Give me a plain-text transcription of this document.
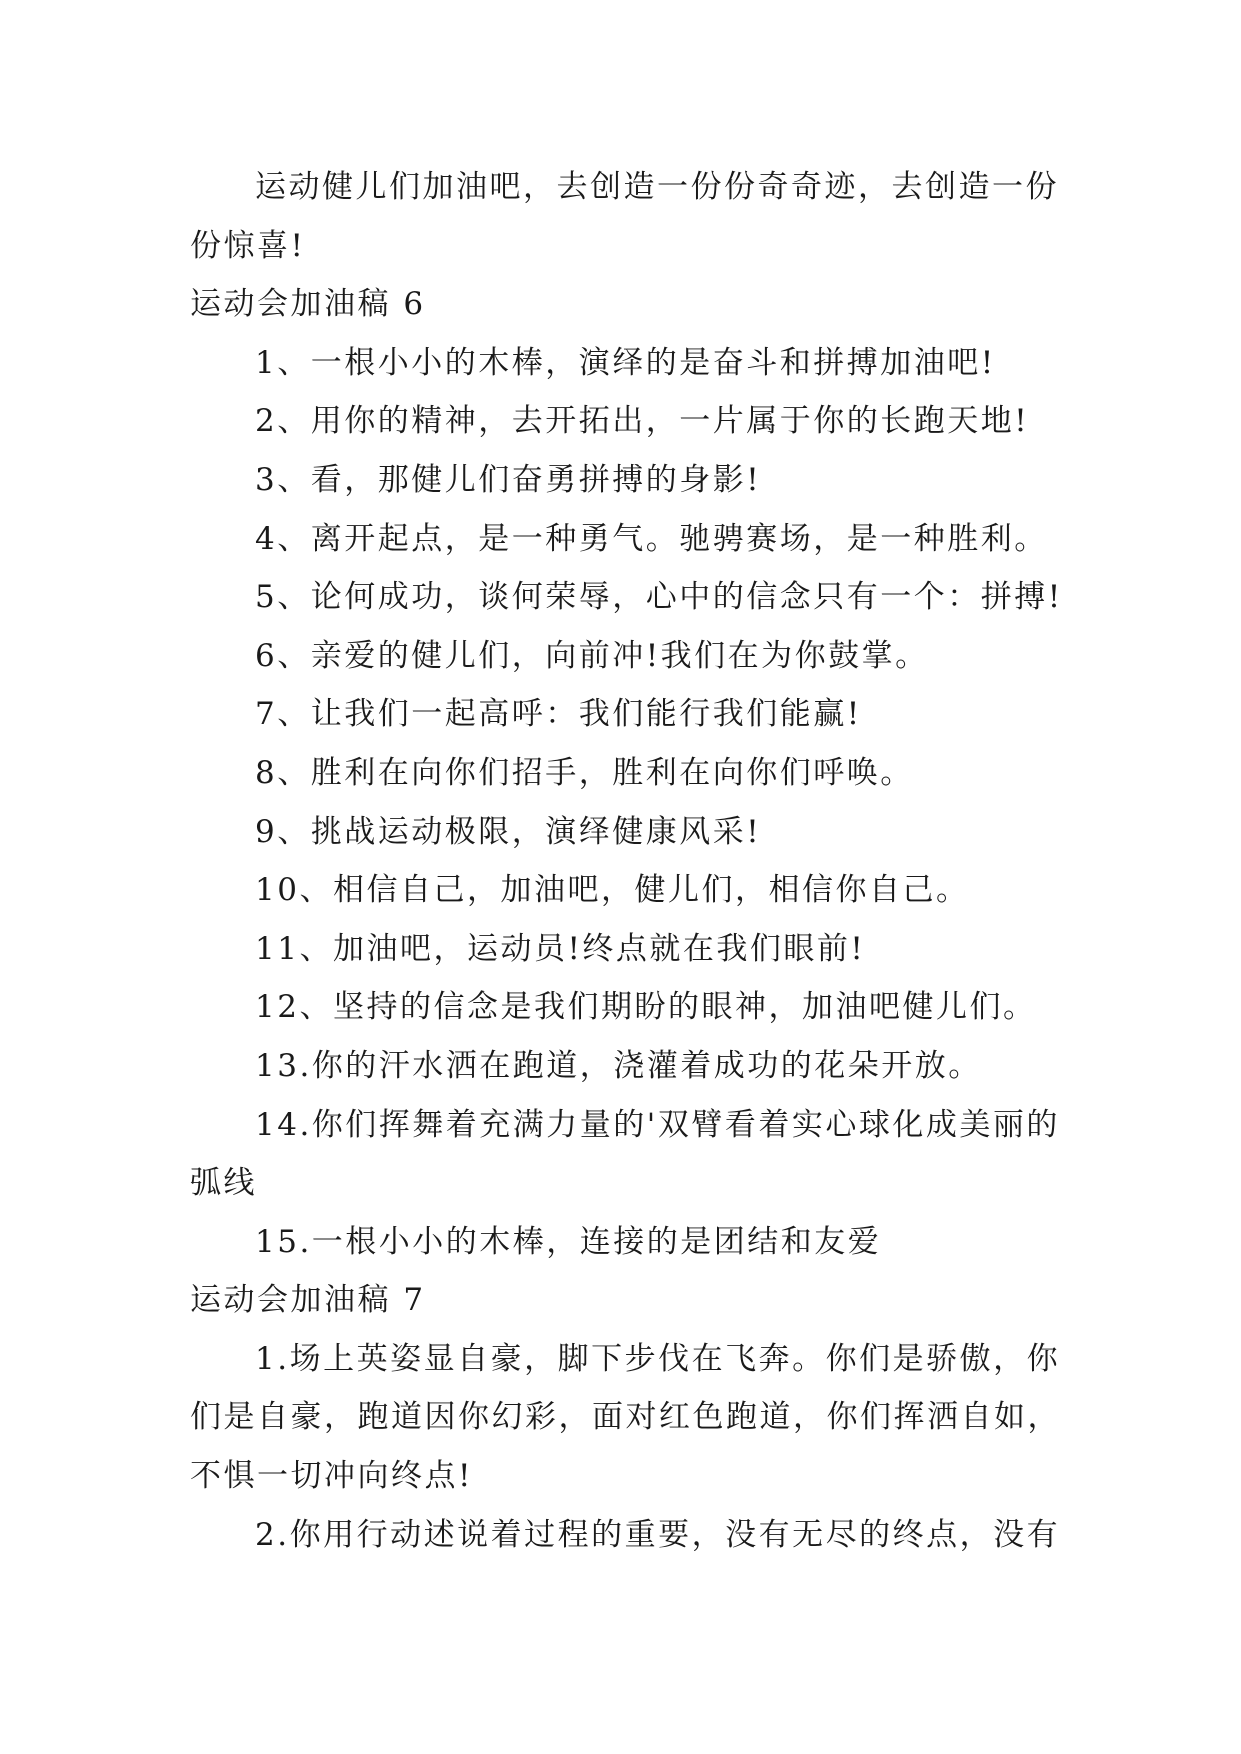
运动健儿们加油吧，去创造一份份奇奇迹，去创造一份份惊喜!

运动会加油稿 6

1、一根小小的木棒，演绎的是奋斗和拼搏加油吧!

2、用你的精神，去开拓出，一片属于你的长跑天地!

3、看，那健儿们奋勇拼搏的身影!

4、离开起点，是一种勇气。驰骋赛场，是一种胜利。

5、论何成功，谈何荣辱，心中的信念只有一个：拼搏!

6、亲爱的健儿们，向前冲!我们在为你鼓掌。

7、让我们一起高呼：我们能行我们能赢!

8、胜利在向你们招手，胜利在向你们呼唤。

9、挑战运动极限，演绎健康风采!

10、相信自己，加油吧，健儿们，相信你自己。

11、加油吧，运动员!终点就在我们眼前!

12、坚持的信念是我们期盼的眼神，加油吧健儿们。

13.你的汗水洒在跑道，浇灌着成功的花朵开放。

14.你们挥舞着充满力量的'双臂看着实心球化成美丽的弧线

15.一根小小的木棒，连接的是团结和友爱

运动会加油稿 7

1.场上英姿显自豪，脚下步伐在飞奔。你们是骄傲，你们是自豪，跑道因你幻彩，面对红色跑道，你们挥洒自如，不惧一切冲向终点!

2.你用行动述说着过程的重要，没有无尽的终点，没有
